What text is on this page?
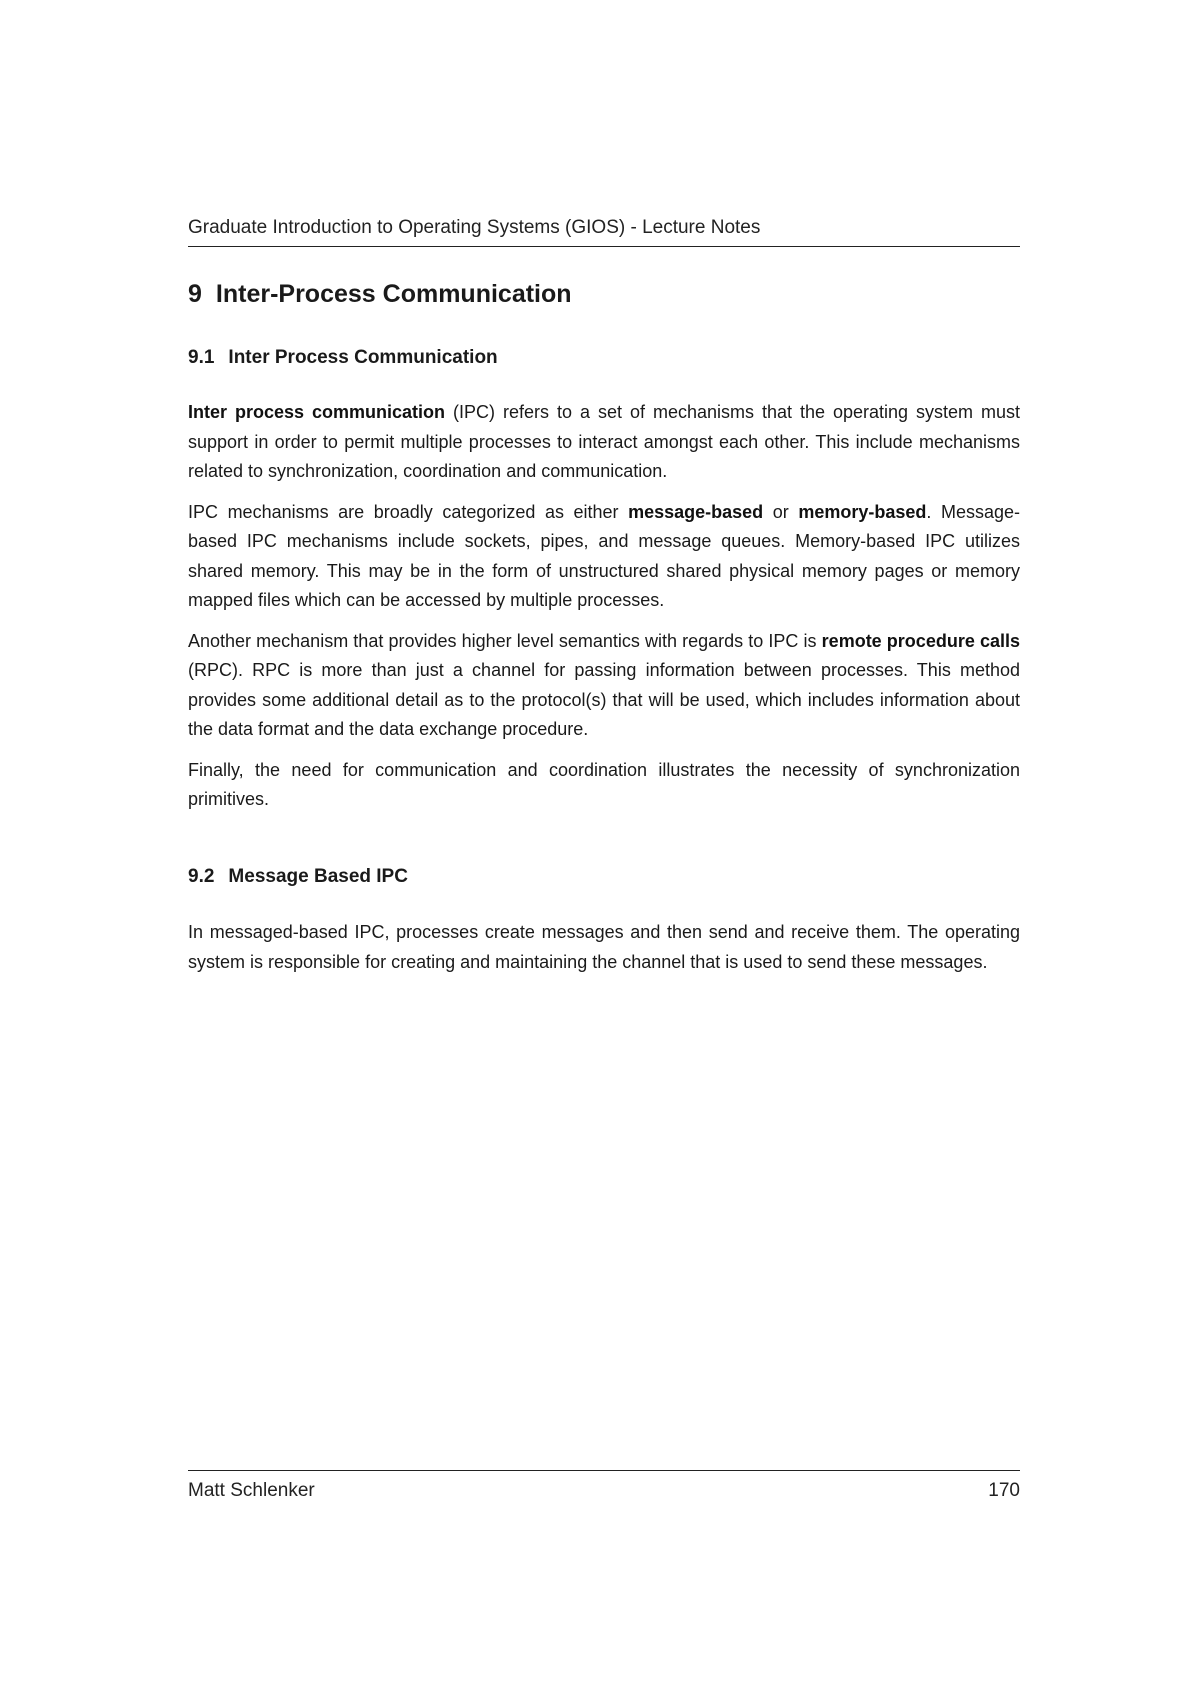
Graduate Introduction to Operating Systems (GIOS) - Lecture Notes
9 Inter-Process Communication
9.1 Inter Process Communication

Inter process communication (IPC) refers to a set of mechanisms that the operating system must support in order to permit multiple processes to interact amongst each other. This include mechanisms related to synchronization, coordination and communication.

IPC mechanisms are broadly categorized as either message-based or memory-based. Message-based IPC mechanisms include sockets, pipes, and message queues. Memory-based IPC utilizes shared memory. This may be in the form of unstructured shared physical memory pages or memory mapped files which can be accessed by multiple processes.

Another mechanism that provides higher level semantics with regards to IPC is remote procedure calls (RPC). RPC is more than just a channel for passing information between processes. This method provides some additional detail as to the protocol(s) that will be used, which includes information about the data format and the data exchange procedure.

Finally, the need for communication and coordination illustrates the necessity of synchronization primitives.

9.2 Message Based IPC

In messaged-based IPC, processes create messages and then send and receive them. The operating system is responsible for creating and maintaining the channel that is used to send these messages.

Matt Schlenker	170
